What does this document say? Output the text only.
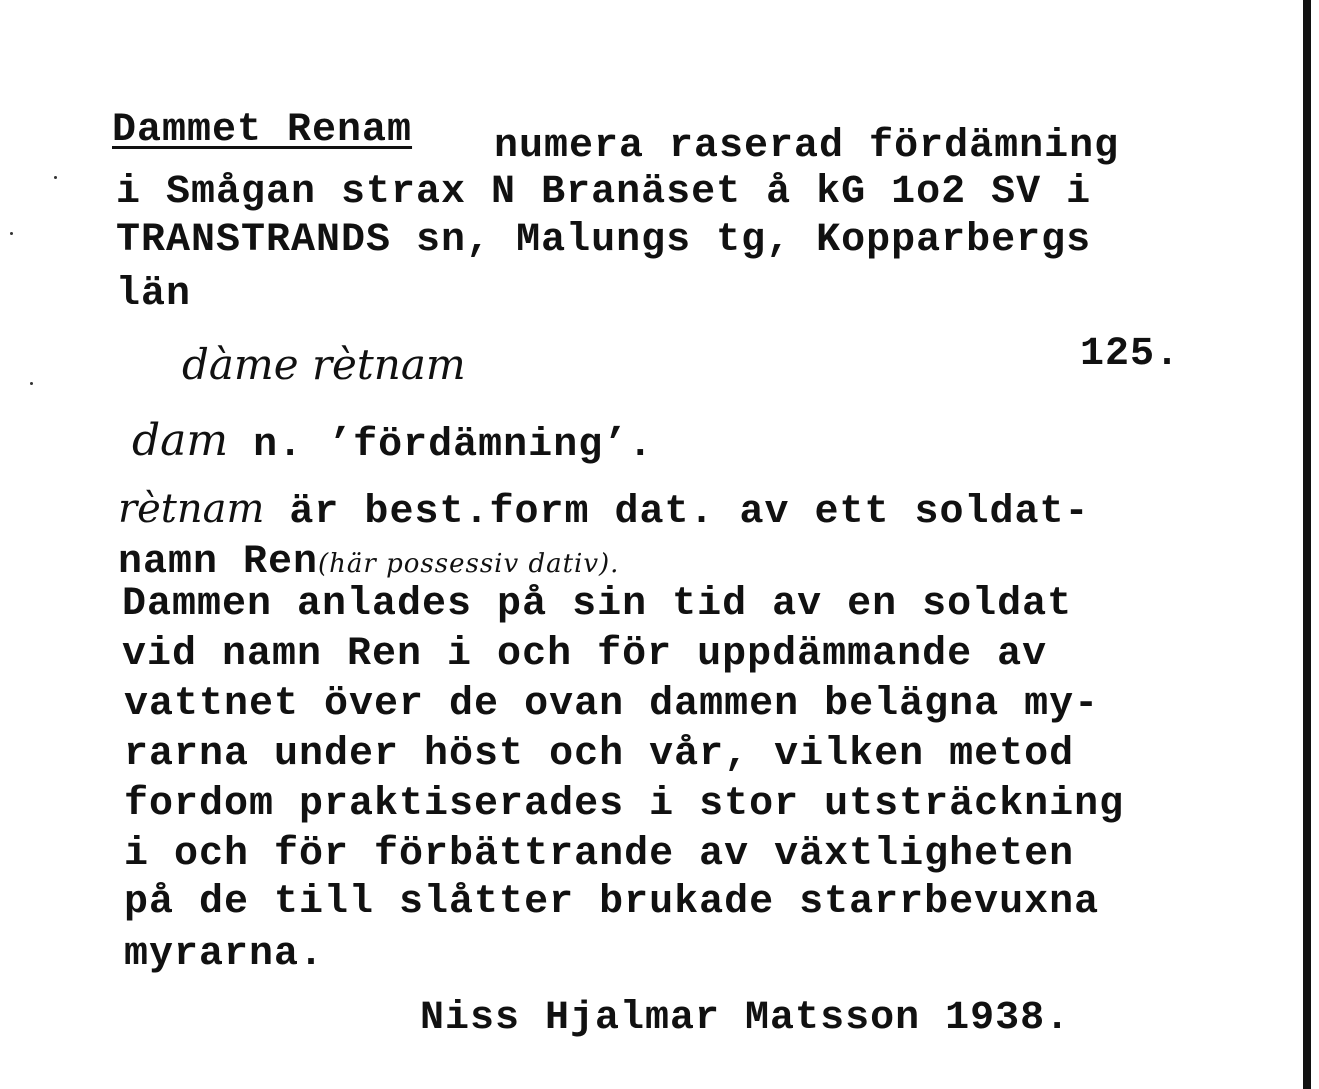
Dammet Renam numera raserad fördämning
i Smågan strax N Branäset å kG 1o2 SV i
TRANSTRANDS sn, Malungs tg, Kopparbergs
län
dàme rètnam	125.
dam n. ’fördämning’.
rètnam är best.form dat. av ett soldat-
namn Ren(här possessiv dativ).
Dammen anlades på sin tid av en soldat
vid namn Ren i och för uppdämmande av
vattnet över de ovan dammen belägna my-
rarna under höst och vår, vilken metod
fordom praktiserades i stor utsträckning
i och för förbättrande av växtligheten
på de till slåtter brukade starrbevuxna
myrarna.
Niss Hjalmar Matsson 1938.
